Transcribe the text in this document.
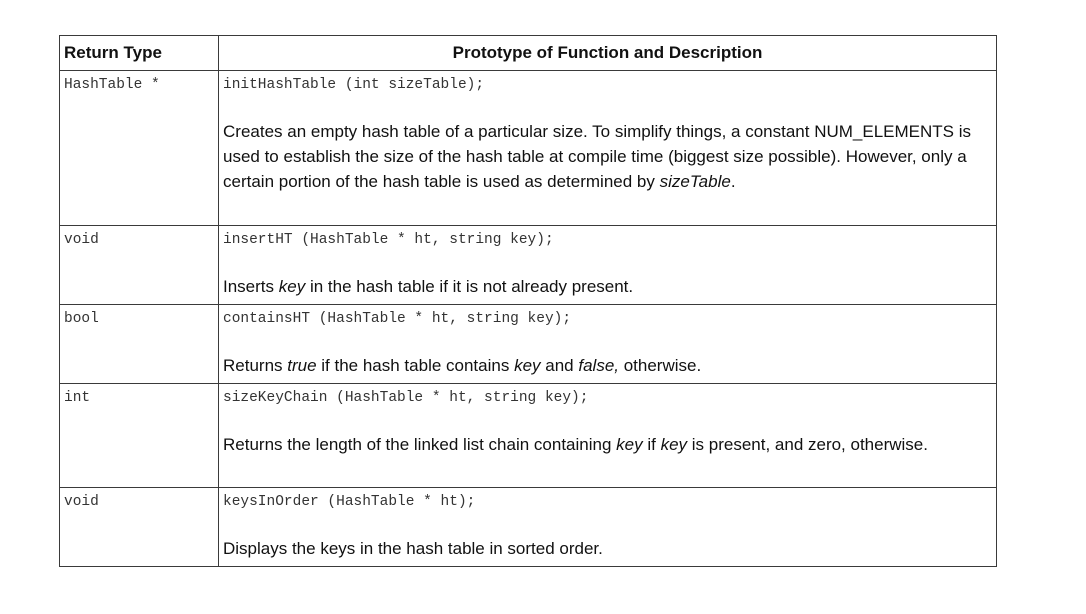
Return Type	Prototype of Function and Description

HashTable *	initHashTable (int sizeTable);
Creates an empty hash table of a particular size. To simplify things, a constant NUM_ELEMENTS is used to establish the size of the hash table at compile time (biggest size possible). However, only a certain portion of the hash table is used as determined by sizeTable.

void	insertHT (HashTable * ht, string key);
Inserts key in the hash table if it is not already present.

bool	containsHT (HashTable * ht, string key);
Returns true if the hash table contains key and false, otherwise.

int	sizeKeyChain (HashTable * ht, string key);
Returns the length of the linked list chain containing key if key is present, and zero, otherwise.

void	keysInOrder (HashTable * ht);
Displays the keys in the hash table in sorted order.
